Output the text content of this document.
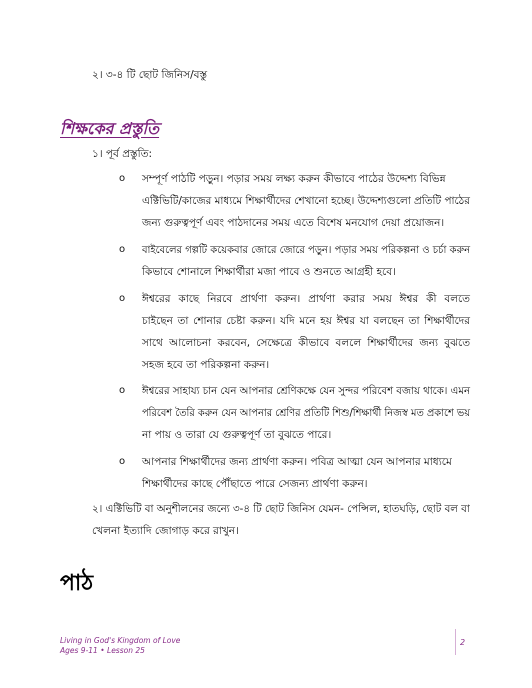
২। ৩-৪ টি ছোট জিনিস/বস্তু
শিক্ষকের প্রস্তুতি
১। পূর্ব প্রস্তুতি:
o সম্পূর্ণ পাঠটি পড়ুন। পড়ার সময় লক্ষ্য করুন কীভাবে পাঠের উদ্দেশ্য বিভিন্ন
এক্টিভিটি/কাজের মাধ্যমে শিক্ষার্থীদের শেখানো হচ্ছে। উদ্দেশ্যগুলো প্রতিটি পাঠের
জন্য গুরুত্বপূর্ণ এবং পাঠদানের সময় এতে বিশেষ মনযোগ দেয়া প্রয়োজন।
o বাইবেলের গল্পটি কয়েকবার জোরে জোরে পড়ুন। পড়ার সময় পরিকল্পনা ও চর্চা করুন
কিভাবে শোনালে শিক্ষার্থীরা মজা পাবে ও শুনতে আগ্রহী হবে।
o ঈশ্বরের কাছে নিরবে প্রার্থণা করুন। প্রার্থণা করার সময় ঈশ্বর কী বলতে
চাইছেন তা শোনার চেষ্টা করুন। যদি মনে হয় ঈশ্বর যা বলছেন তা শিক্ষার্থীদের
সাথে আলোচনা করবেন, সেক্ষেত্রে কীভাবে বললে শিক্ষার্থীদের জন্য বুঝতে
সহজ হবে তা পরিকল্পনা করুন।
o ঈশ্বরের সাহায্য চান যেন আপনার শ্রেণিকক্ষে যেন সুন্দর পরিবেশ বজায় থাকে। এমন
পরিবেশ তৈরি করুন যেন আপনার শ্রেণির প্রতিটি শিশু/শিক্ষার্থী নিজস্ব মত প্রকাশে ভয়
না পায় ও তারা যে গুরুত্বপূর্ণ তা বুঝতে পারে।
o আপনার শিক্ষার্থীদের জন্য প্রার্থণা করুন। পবিত্র আত্মা যেন আপনার মাধ্যমে
শিক্ষার্থীদের কাছে পৌঁছাতে পারে সেজন্য প্রার্থণা করুন।
২। এক্টিভিটি বা অনুশীলনের জন্যে ৩-৪ টি ছোট জিনিস যেমন- পেন্সিল, হাতঘড়ি, ছোট বল বা
খেলনা ইত্যাদি জোগাড় করে রাখুন।
পাঠ
Living in God's Kingdom of Love
Ages 9-11 • Lesson 25
2
